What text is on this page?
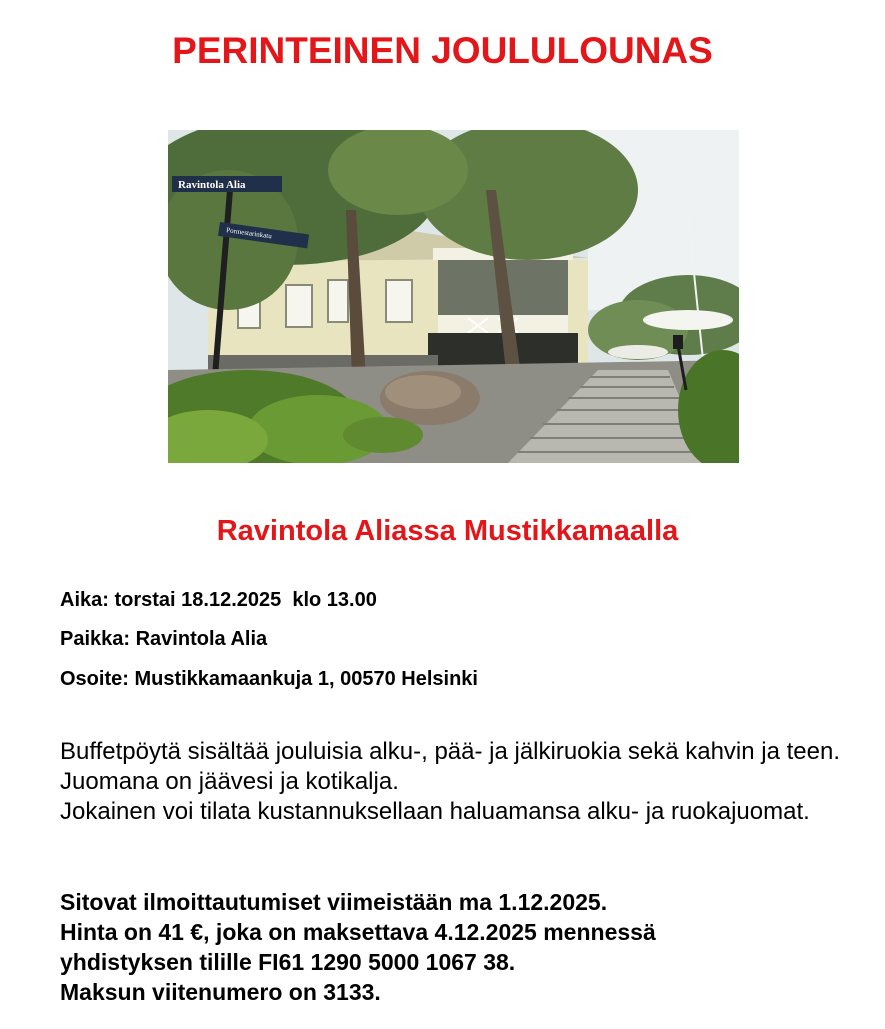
PERINTEINEN JOULULOUNAS
Ravintola Alia
Pormestarinkatu
Ravintola Aliassa Mustikkamaalla

Aika: torstai 18.12.2025  klo 13.00

Paikka: Ravintola Alia

Osoite: Mustikkamaankuja 1, 00570 Helsinki

Buffetpöytä sisältää jouluisia alku-, pää- ja jälkiruokia sekä kahvin ja teen. Juomana on jäävesi ja kotikalja.

Jokainen voi tilata kustannuksellaan haluamansa alku- ja ruokajuomat.

Sitovat ilmoittautumiset viimeistään ma 1.12.2025.
Hinta on 41 €, joka on maksettava 4.12.2025 mennessä
yhdistyksen tilille FI61 1290 5000 1067 38.
Maksun viitenumero on 3133.
